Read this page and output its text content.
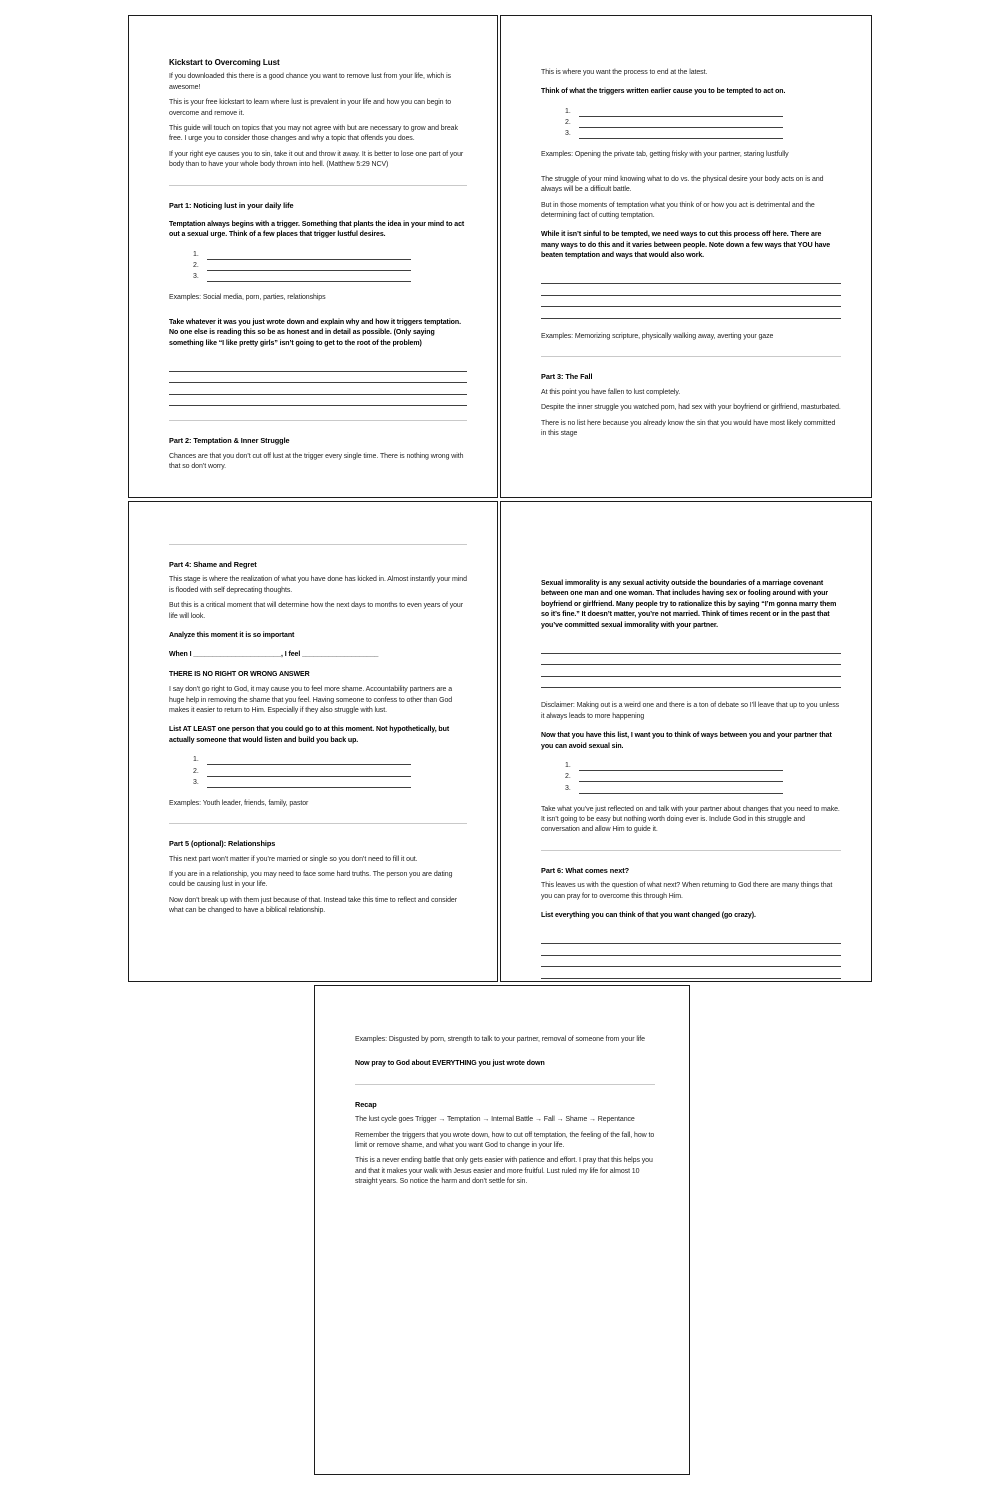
Kickstart to Overcoming Lust

If you downloaded this there is a good chance you want to remove lust from your life, which is awesome!

This is your free kickstart to learn where lust is prevalent in your life and how you can begin to overcome and remove it.

This guide will touch on topics that you may not agree with but are necessary to grow and break free. I urge you to consider those changes and why a topic that offends you does.

If your right eye causes you to sin, take it out and throw it away. It is better to lose one part of your body than to have your whole body thrown into hell. (Matthew 5:29 NCV)

Part 1: Noticing lust in your daily life

Temptation always begins with a trigger. Something that plants the idea in your mind to act out a sexual urge. Think of a few places that trigger lustful desires.

1.
2.
3.

Examples: Social media, porn, parties, relationships

Take whatever it was you just wrote down and explain why and how it triggers temptation. No one else is reading this so be as honest and in detail as possible. (Only saying something like “I like pretty girls” isn’t going to get to the root of the problem)

Part 2: Temptation & Inner Struggle

Chances are that you don’t cut off lust at the trigger every single time. There is nothing wrong with that so don’t worry.

This is where you want the process to end at the latest.

Think of what the triggers written earlier cause you to be tempted to act on.

1.
2.
3.

Examples: Opening the private tab, getting frisky with your partner, staring lustfully

The struggle of your mind knowing what to do vs. the physical desire your body acts on is and always will be a difficult battle.

But in those moments of temptation what you think of or how you act is detrimental and the determining fact of cutting temptation.

While it isn’t sinful to be tempted, we need ways to cut this process off here. There are many ways to do this and it varies between people. Note down a few ways that YOU have beaten temptation and ways that would also work.

Examples: Memorizing scripture, physically walking away, averting your gaze

Part 3: The Fall

At this point you have fallen to lust completely.

Despite the inner struggle you watched porn, had sex with your boyfriend or girlfriend, masturbated.

There is no list here because you already know the sin that you would have most likely committed in this stage

Part 4: Shame and Regret

This stage is where the realization of what you have done has kicked in. Almost instantly your mind is flooded with self deprecating thoughts.

But this is a critical moment that will determine how the next days to months to even years of your life will look.

Analyze this moment it is so important

When I _______________________, I feel ____________________

THERE IS NO RIGHT OR WRONG ANSWER

I say don’t go right to God, it may cause you to feel more shame. Accountability partners are a huge help in removing the shame that you feel. Having someone to confess to other than God makes it easier to return to Him. Especially if they also struggle with lust.

List AT LEAST one person that you could go to at this moment. Not hypothetically, but actually someone that would listen and build you back up.

1.
2.
3.

Examples: Youth leader, friends, family, pastor

Part 5 (optional): Relationships

This next part won’t matter if you’re married or single so you don’t need to fill it out.

If you are in a relationship, you may need to face some hard truths. The person you are dating could be causing lust in your life.

Now don’t break up with them just because of that. Instead take this time to reflect and consider what can be changed to have a biblical relationship.

Sexual immorality is any sexual activity outside the boundaries of a marriage covenant between one man and one woman. That includes having sex or fooling around with your boyfriend or girlfriend. Many people try to rationalize this by saying “I’m gonna marry them so it’s fine.” It doesn’t matter, you’re not married. Think of times recent or in the past that you’ve committed sexual immorality with your partner.

Disclaimer: Making out is a weird one and there is a ton of debate so I’ll leave that up to you unless it always leads to more happening

Now that you have this list, I want you to think of ways between you and your partner that you can avoid sexual sin.

1.
2.
3.

Take what you’ve just reflected on and talk with your partner about changes that you need to make. It isn’t going to be easy but nothing worth doing ever is. Include God in this struggle and conversation and allow Him to guide it.

Part 6: What comes next?

This leaves us with the question of what next? When returning to God there are many things that you can pray for to overcome this through Him.

List everything you can think of that you want changed (go crazy).

Examples: Disgusted by porn, strength to talk to your partner, removal of someone from your life

Now pray to God about EVERYTHING you just wrote down

Recap

The lust cycle goes Trigger → Temptation → Internal Battle → Fall → Shame → Repentance

Remember the triggers that you wrote down, how to cut off temptation, the feeling of the fall, how to limit or remove shame, and what you want God to change in your life.

This is a never ending battle that only gets easier with patience and effort. I pray that this helps you and that it makes your walk with Jesus easier and more fruitful. Lust ruled my life for almost 10 straight years. So notice the harm and don’t settle for sin.
